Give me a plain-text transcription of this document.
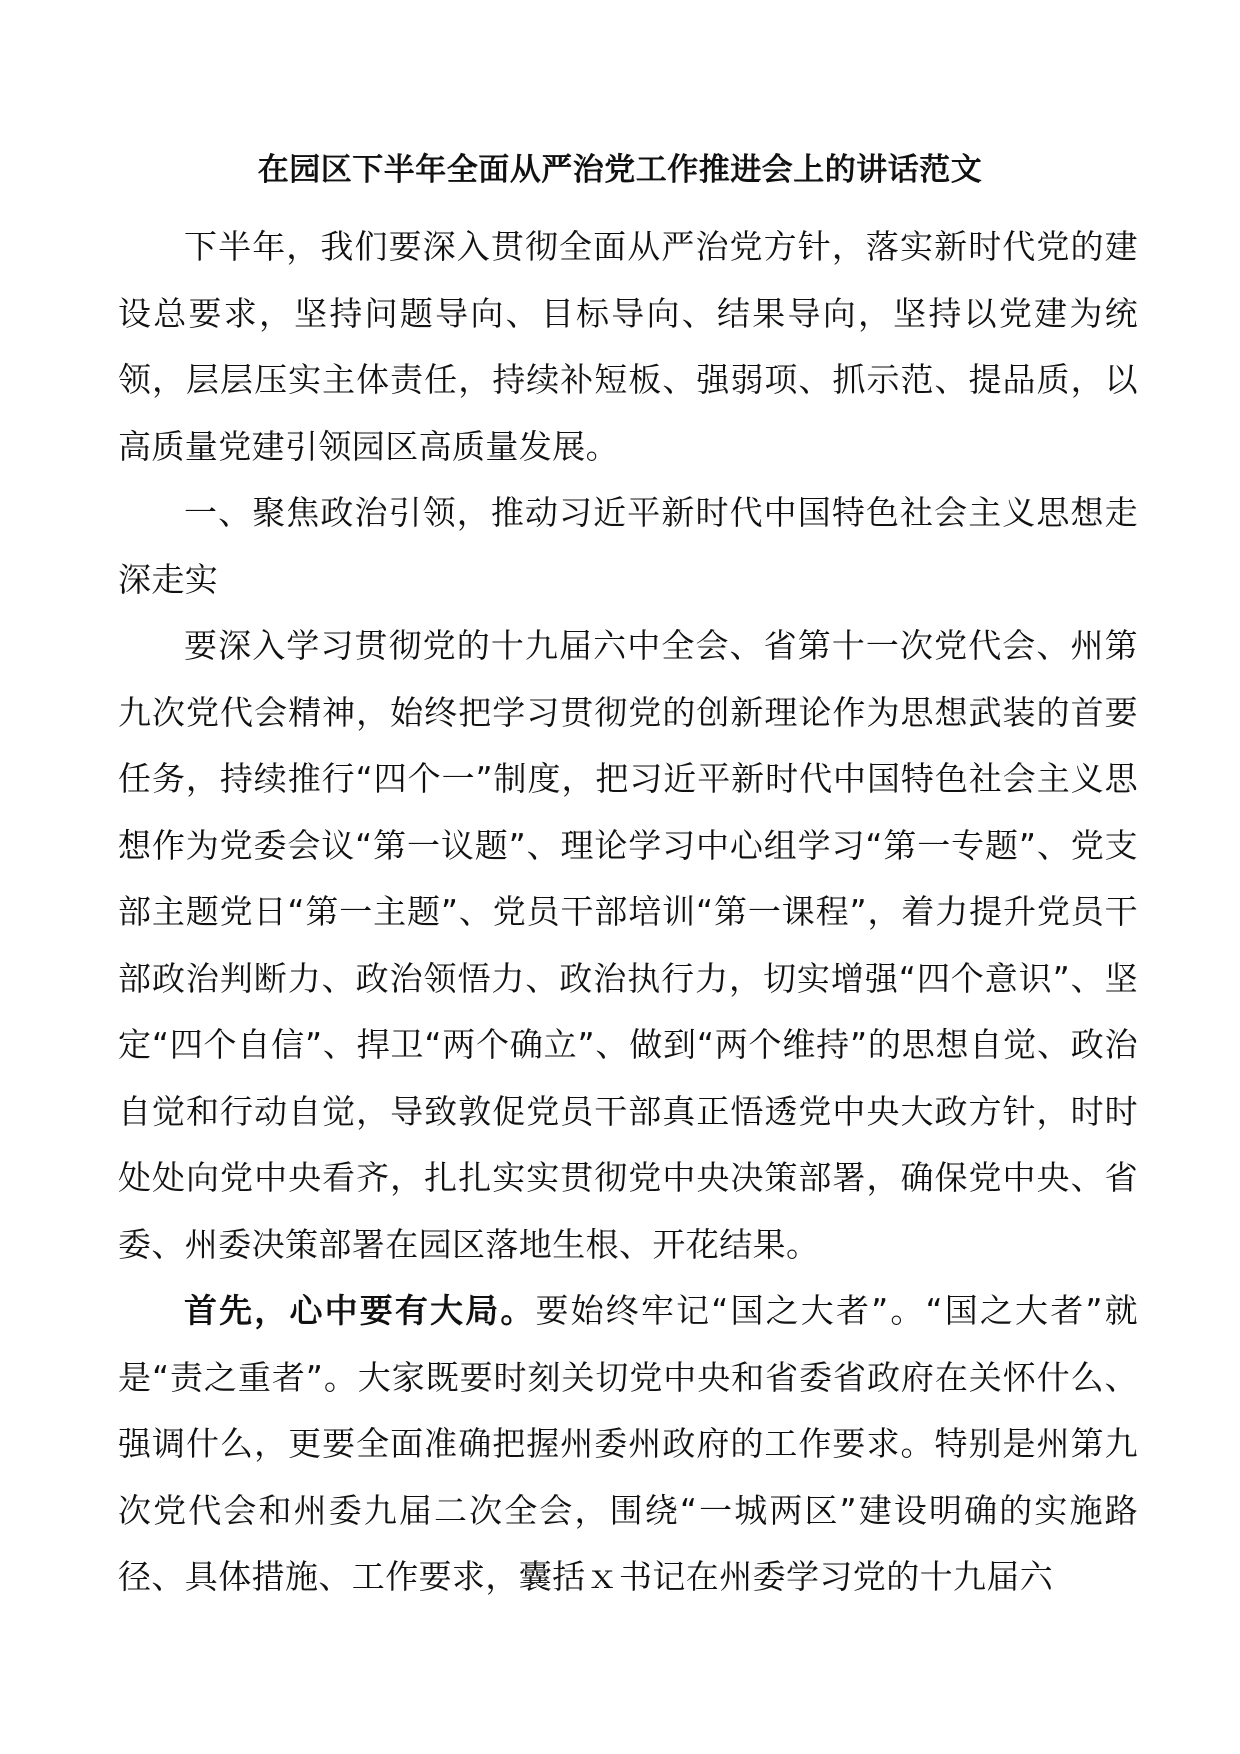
在园区下半年全面从严治党工作推进会上的讲话范文

下半年，我们要深入贯彻全面从严治党方针，落实新时代党的建设总要求，坚持问题导向、目标导向、结果导向，坚持以党建为统领，层层压实主体责任，持续补短板、强弱项、抓示范、提品质，以高质量党建引领园区高质量发展。

一、聚焦政治引领，推动习近平新时代中国特色社会主义思想走深走实

要深入学习贯彻党的十九届六中全会、省第十一次党代会、州第九次党代会精神，始终把学习贯彻党的创新理论作为思想武装的首要任务，持续推行“四个一”制度，把习近平新时代中国特色社会主义思想作为党委会议“第一议题”、理论学习中心组学习“第一专题”、党支部主题党日“第一主题”、党员干部培训“第一课程”，着力提升党员干部政治判断力、政治领悟力、政治执行力，切实增强“四个意识”、坚定“四个自信”、捍卫“两个确立”、做到“两个维持”的思想自觉、政治自觉和行动自觉，导致敦促党员干部真正悟透党中央大政方针，时时处处向党中央看齐，扎扎实实贯彻党中央决策部署，确保党中央、省委、州委决策部署在园区落地生根、开花结果。

首先，心中要有大局。要始终牢记“国之大者”。“国之大者”就是“责之重者”。大家既要时刻关切党中央和省委省政府在关怀什么、强调什么，更要全面准确把握州委州政府的工作要求。特别是州第九次党代会和州委九届二次全会，围绕“一城两区”建设明确的实施路径、具体措施、工作要求，囊括ｘ书记在州委学习党的十九届六
